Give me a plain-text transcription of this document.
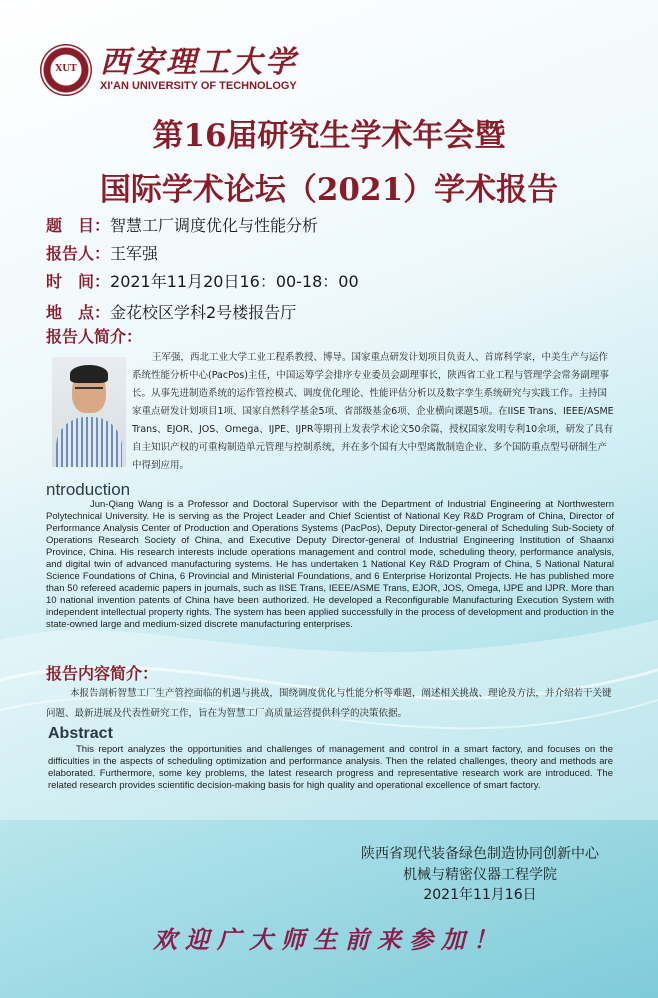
XUT 西安理工大学
XI'AN UNIVERSITY OF TECHNOLOGY
第16届研究生学术年会暨
国际学术论坛（2021）学术报告
题　目：智慧工厂调度优化与性能分析
报告人：王军强
时　间：2021年11月20日16：00-18：00
地　点：金花校区学科2号楼报告厅
报告人简介：
王军强，西北工业大学工业工程系教授、博导。国家重点研发计划项目负责人、首席科学家，中美生产与运作系统性能分析中心(PacPos)主任，中国运筹学会排序专业委员会副理事长，陕西省工业工程与管理学会常务副理事长。从事先进制造系统的运作管控模式、调度优化理论、性能评估分析以及数字孪生系统研究与实践工作。主持国家重点研发计划项目1项、国家自然科学基金5项、省部级基金6项、企业横向课题5项。在IISE Trans、IEEE/ASME Trans、EJOR、JOS、Omega、IJPE、IJPR等期刊上发表学术论文50余篇，授权国家发明专利10余项，研发了具有自主知识产权的可重构制造单元管理与控制系统，并在多个国有大中型离散制造企业、多个国防重点型号研制生产中得到应用。
ntroduction
Jun-Qiang Wang is a Professor and Doctoral Supervisor with the Department of Industrial Engineering at Northwestern Polytechnical University. He is serving as the Project Leader and Chief Scientist of National Key R&D Program of China, Director of Performance Analysis Center of Production and Operations Systems (PacPos), Deputy Director-general of Scheduling Sub-Society of Operations Research Society of China, and Executive Deputy Director-general of Industrial Engineering Institution of Shaanxi Province, China. His research interests include operations management and control mode, scheduling theory, performance analysis, and digital twin of advanced manufacturing systems. He has undertaken 1 National Key R&D Program of China, 5 National Natural Science Foundations of China, 6 Provincial and Ministerial Foundations, and 6 Enterprise Horizontal Projects. He has published more than 50 refereed academic papers in journals, such as IISE Trans, IEEE/ASME Trans, EJOR, JOS, Omega, IJPE and IJPR. More than 10 national invention patents of China have been authorized. He developed a Reconfigurable Manufacturing Execution System with independent intellectual property rights. The system has been applied successfully in the process of development and production in the state-owned large and medium-sized discrete manufacturing enterprises.
报告内容简介：
本报告剖析智慧工厂生产管控面临的机遇与挑战，围绕调度优化与性能分析等难题，阐述相关挑战、理论及方法，并介绍若干关键问题、最新进展及代表性研究工作，旨在为智慧工厂高质量运营提供科学的决策依据。
Abstract
This report analyzes the opportunities and challenges of management and control in a smart factory, and focuses on the difficulties in the aspects of scheduling optimization and performance analysis. Then the related challenges, theory and methods are elaborated. Furthermore, some key problems, the latest research progress and representative research work are introduced. The related research provides scientific decision-making basis for high quality and operational excellence of smart factory.
陕西省现代装备绿色制造协同创新中心
机械与精密仪器工程学院
2021年11月16日
欢迎广大师生前来参加！
